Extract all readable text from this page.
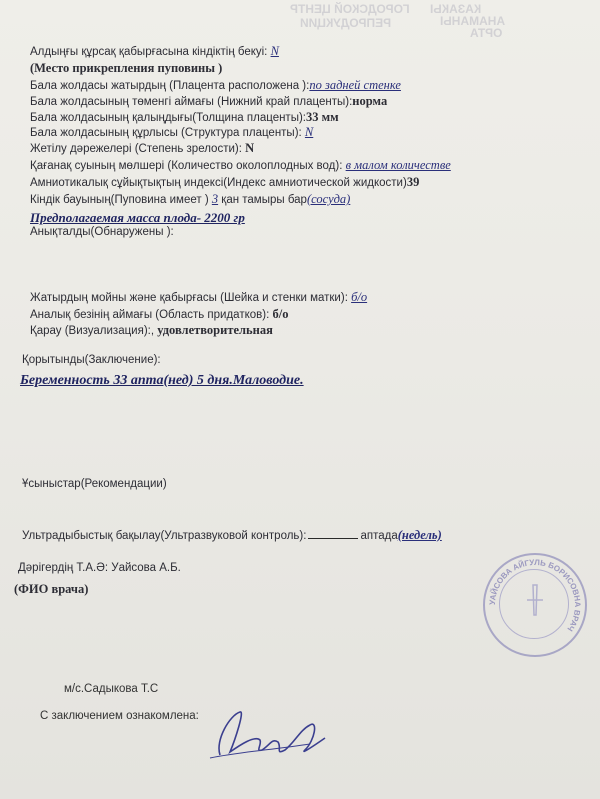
ГОРОДСКОЙ ЦЕНТР
РЕПРОДУКЦИИ
КАЗАКЫ
АНАМАНЫ
ОРТА
Алдыңғы құрсақ қабырғасына кіндіктің бекуі: N
(Место прикрепления пуповины )
Бала жолдасы жатырдың (Плацента расположена ):по задней стенке
Бала жолдасының төменгі аймағы (Нижний край плаценты):норма
Бала жолдасының қалыңдығы(Толщина плаценты):33 мм
Бала жолдасының құрлысы (Структура плаценты): N
Жетілу дәрежелері (Степень зрелости): N
Қағанақ суының мөлшері (Количество околоплодных вод): в малом количестве
Амниотикалық сұйықтықтың индексі(Индекс амниотической жидкости)39
Кіндік бауының(Пуповина имеет ) 3 қан тамыры бар(сосуда)
Предполагаемая масса плода- 2200 гр
Анықталды(Обнаружены ):
Жатырдың мойны және қабырғасы (Шейка и стенки матки): б/о
Аналық безінің аймағы (Область придатков): б/о
Қарау (Визуализация):, удовлетворительная
Қорытынды(Заключение):
Беременность 33 апта(нед) 5 дня.Маловодие.
Ұсыныстар(Рекомендации)
Ультрадыбыстық бақылау(Ультразвуковой контроль):	аптада(недель)
Дәрігердің Т.А.Ә: Уайсова А.Б.
(ФИО врача)
УАЙСОВА АЙГУЛЬ БОРИСОВНА ВРАЧ
м/с.Садыкова Т.С
С заключением ознакомлена:
